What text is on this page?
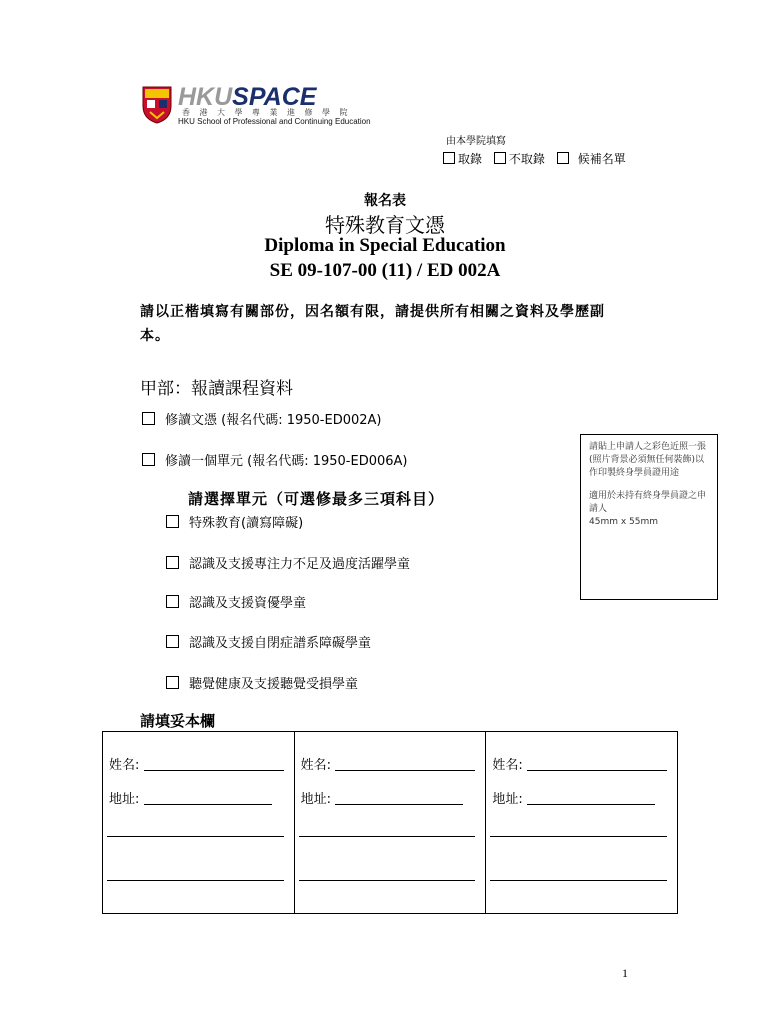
HKUSPACE
香港大學專業進修學院
HKU School of Professional and Continuing Education
由本學院填寫
取錄 不取錄	候補名單
報名表
特殊教育文憑
Diploma in Special Education
SE 09-107-00 (11) / ED 002A
請以正楷填寫有關部份，因名額有限，請提供所有相關之資料及學歷副本。
甲部：報讀課程資料
修讀文憑 (報名代碼: 1950-ED002A)
修讀一個單元 (報名代碼: 1950-ED006A)
請選擇單元（可選修最多三項科目）
特殊教育(讀寫障礙)
認識及支援專注力不足及過度活躍學童
認識及支援資優學童
認識及支援自閉症譜系障礙學童
聽覺健康及支援聽覺受損學童

請貼上申請人之彩色近照一張(照片背景必須無任何裝飾)以作印製終身學員證用途

適用於未持有終身學員證之申請人

45mm x 55mm
請填妥本欄
姓名:
地址:
姓名:
地址:
姓名:
地址:
1
